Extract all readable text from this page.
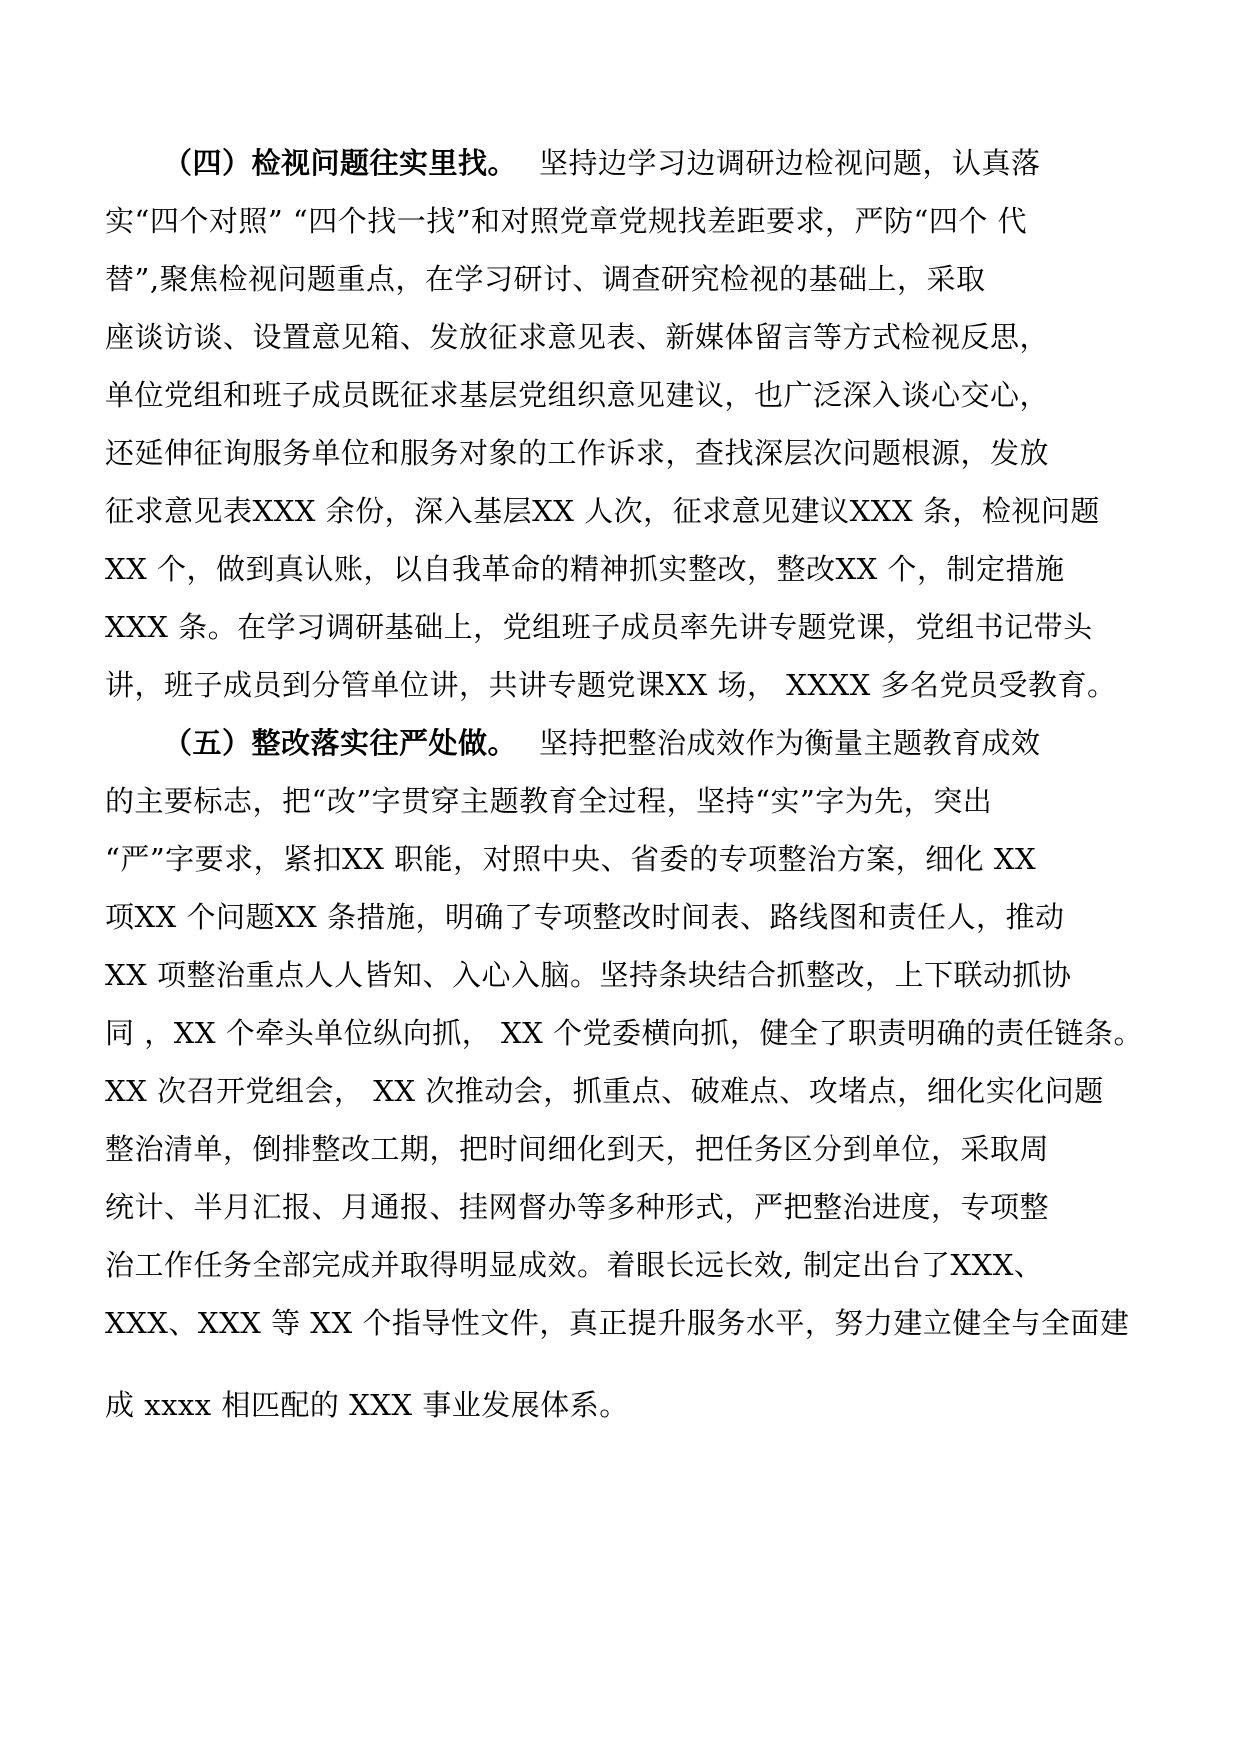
（四）检视问题往实里找。 坚持边学习边调研边检视问题，认真落
实“四个对照” “四个找一找”和对照党章党规找差距要求，严防“四个 代
替”,聚焦检视问题重点，在学习研讨、调查研究检视的基础上，采取
座谈访谈、设置意见箱、发放征求意见表、新媒体留言等方式检视反思，
单位党组和班子成员既征求基层党组织意见建议，也广泛深入谈心交心，
还延伸征询服务单位和服务对象的工作诉求，查找深层次问题根源，发放
征求意见表XXX 余份，深入基层XX 人次，征求意见建议XXX 条，检视问题
XX 个，做到真认账，以自我革命的精神抓实整改，整改XX 个，制定措施
XXX 条。在学习调研基础上，党组班子成员率先讲专题党课，党组书记带头
讲，班子成员到分管单位讲，共讲专题党课XX 场， XXXX 多名党员受教育。
（五）整改落实往严处做。 坚持把整治成效作为衡量主题教育成效
的主要标志，把“改”字贯穿主题教育全过程，坚持“实”字为先，突出
“严”字要求，紧扣XX 职能，对照中央、省委的专项整治方案，细化 XX
项XX 个问题XX 条措施，明确了专项整改时间表、路线图和责任人，推动
XX 项整治重点人人皆知、入心入脑。坚持条块结合抓整改，上下联动抓协
同 ，XX 个牵头单位纵向抓， XX 个党委横向抓，健全了职责明确的责任链条。
XX 次召开党组会， XX 次推动会，抓重点、破难点、攻堵点，细化实化问题
整治清单，倒排整改工期，把时间细化到天，把任务区分到单位，采取周
统计、半月汇报、月通报、挂网督办等多种形式，严把整治进度，专项整
治工作任务全部完成并取得明显成效。着眼长远长效, 制定出台了XXX、
XXX、XXX 等 XX 个指导性文件，真正提升服务水平，努力建立健全与全面建
成 xxxx 相匹配的 XXX 事业发展体系。
